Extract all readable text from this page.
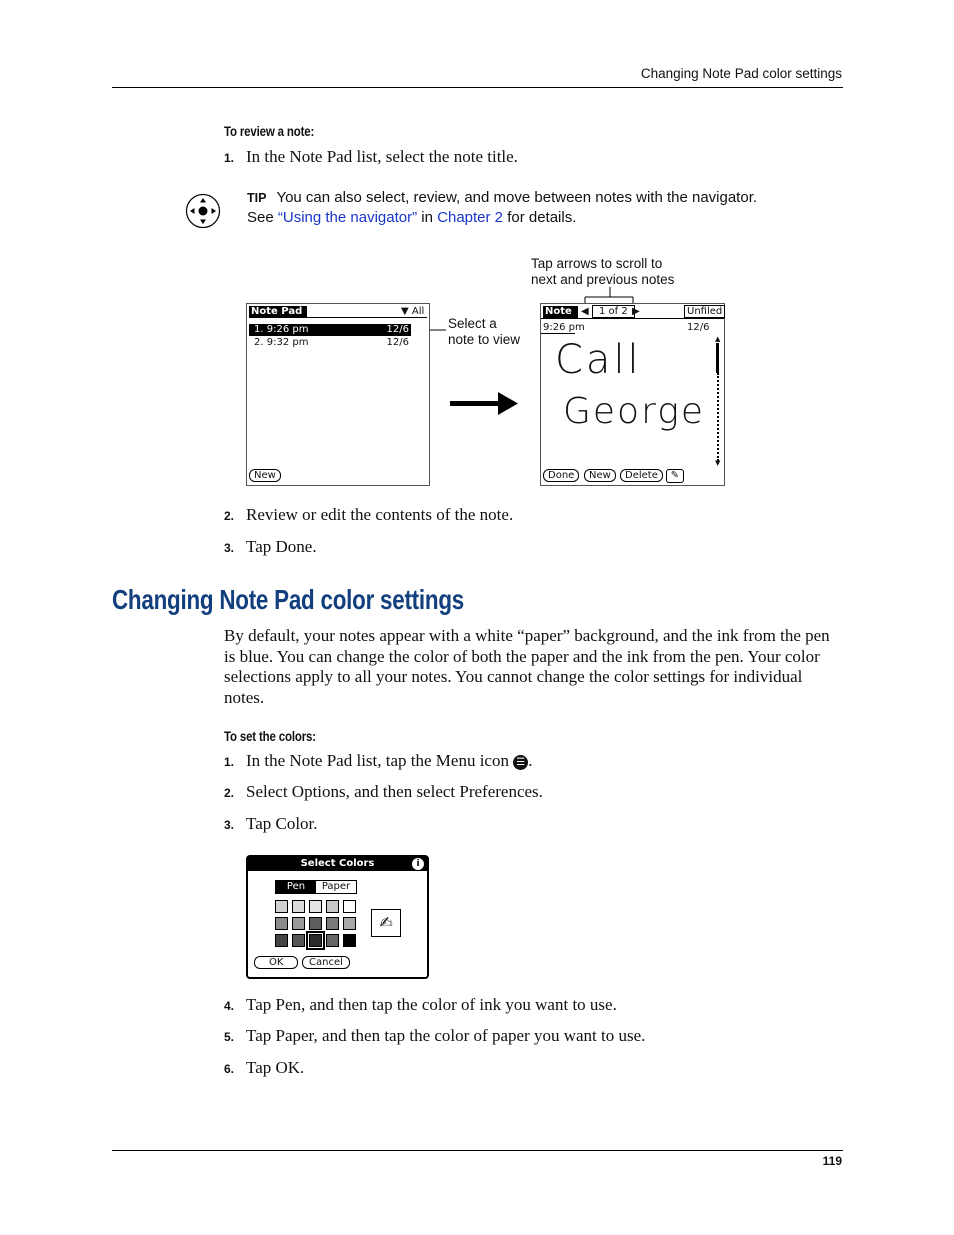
Changing Note Pad color settings
To review a note:
1. In the Note Pad list, select the note title.
TIP You can also select, review, and move between notes with the navigator.
See “Using the navigator” in Chapter 2 for details.
Tap arrows to scroll to
next and previous notes
Select a
note to view
Note Pad	▼ All
1. 9:26 pm	12/6
2. 9:32 pm	12/6
New
Note ◀	1 of 2 ▶	Unfiled
9:26 pm	12/6
Call
George
▲
▼
Done	New	Delete	✎
2. Review or edit the contents of the note.
3. Tap Done.
Changing Note Pad color settings
By default, your notes appear with a white “paper” background, and the ink from the pen is blue. You can change the color of both the paper and the ink from the pen. Your color selections apply to all your notes. You cannot change the color settings for individual notes.
To set the colors:
1. In the Note Pad list, tap the Menu icon ☰ .
2. Select Options, and then select Preferences.
3. Tap Color.
Select Colors	i
Pen	Paper
✍
OK	Cancel
4. Tap Pen, and then tap the color of ink you want to use.
5. Tap Paper, and then tap the color of paper you want to use.
6. Tap OK.
119
